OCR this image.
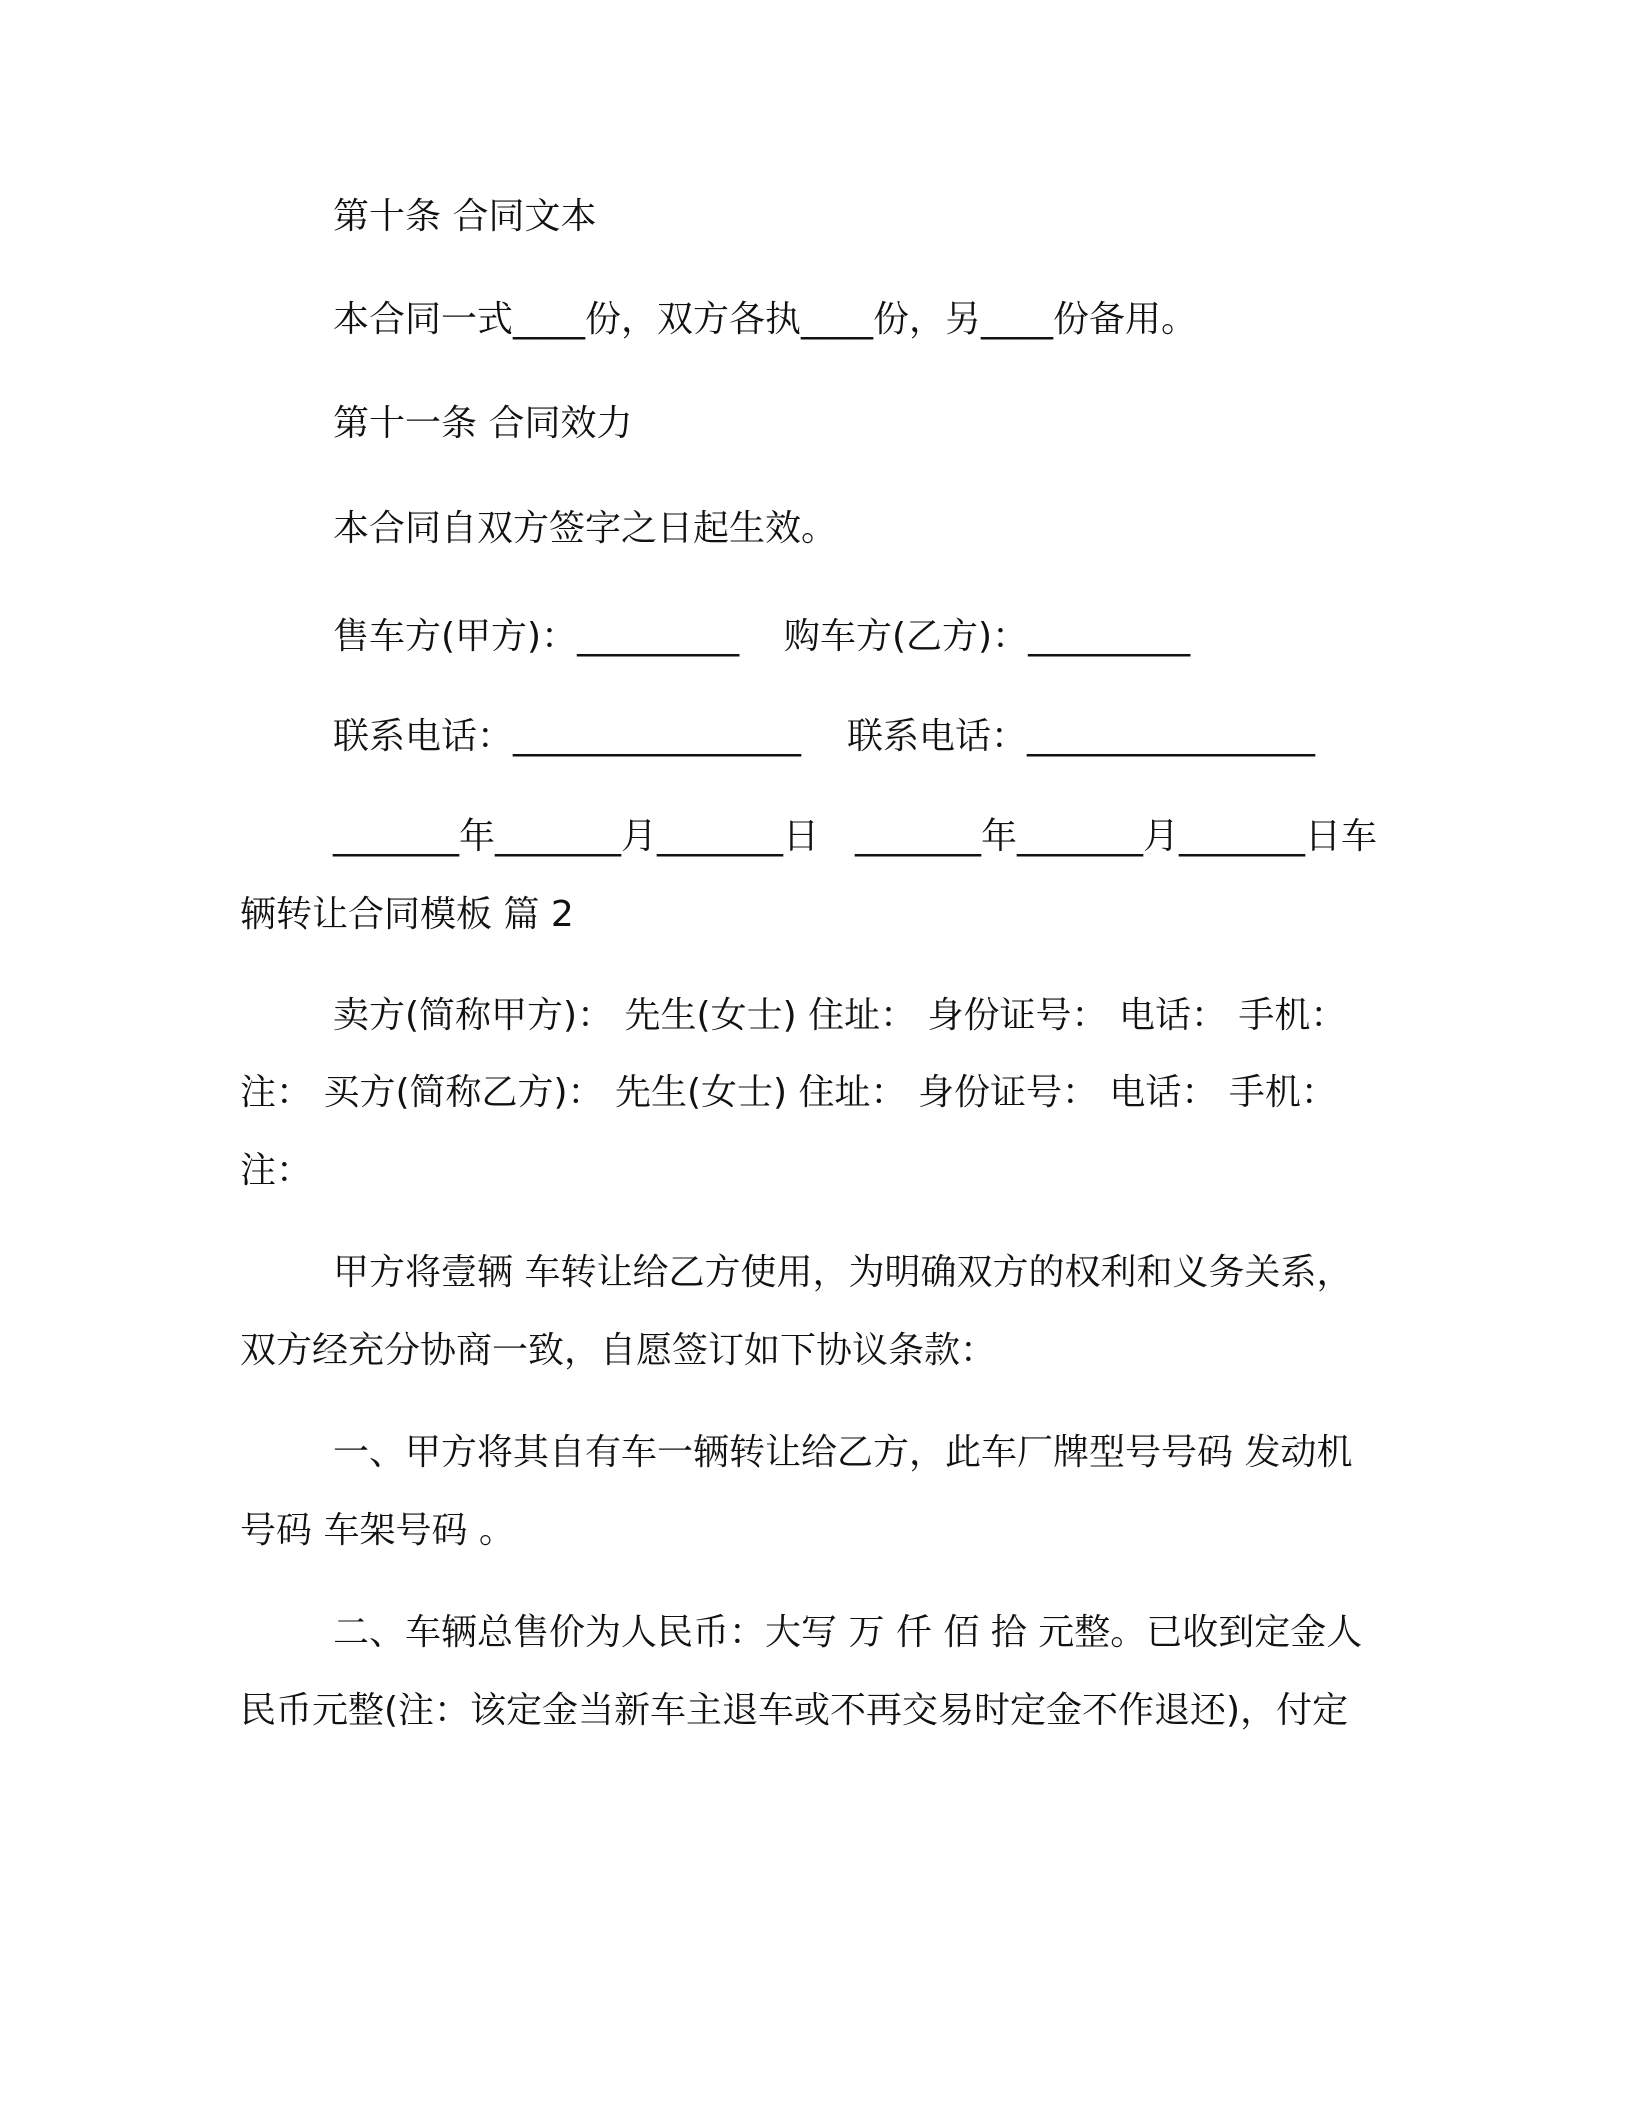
第十条 合同文本
本合同一式____份，双方各执____份，另____份备用。
第十一条 合同效力
本合同自双方签字之日起生效。
售车方(甲方)：_________ 购车方(乙方)：_________
联系电话：________________ 联系电话：________________
_______年_______月_______日 _______年_______月_______日车
辆转让合同模板 篇 2
卖方(简称甲方)： 先生(女士) 住址： 身份证号： 电话： 手机：
注： 买方(简称乙方)： 先生(女士) 住址： 身份证号： 电话： 手机：
注：
甲方将壹辆 车转让给乙方使用，为明确双方的权利和义务关系，
双方经充分协商一致，自愿签订如下协议条款：
一、甲方将其自有车一辆转让给乙方，此车厂牌型号号码 发动机
号码 车架号码 。
二、车辆总售价为人民币：大写 万 仟 佰 拾 元整。已收到定金人
民币元整(注：该定金当新车主退车或不再交易时定金不作退还)，付定
